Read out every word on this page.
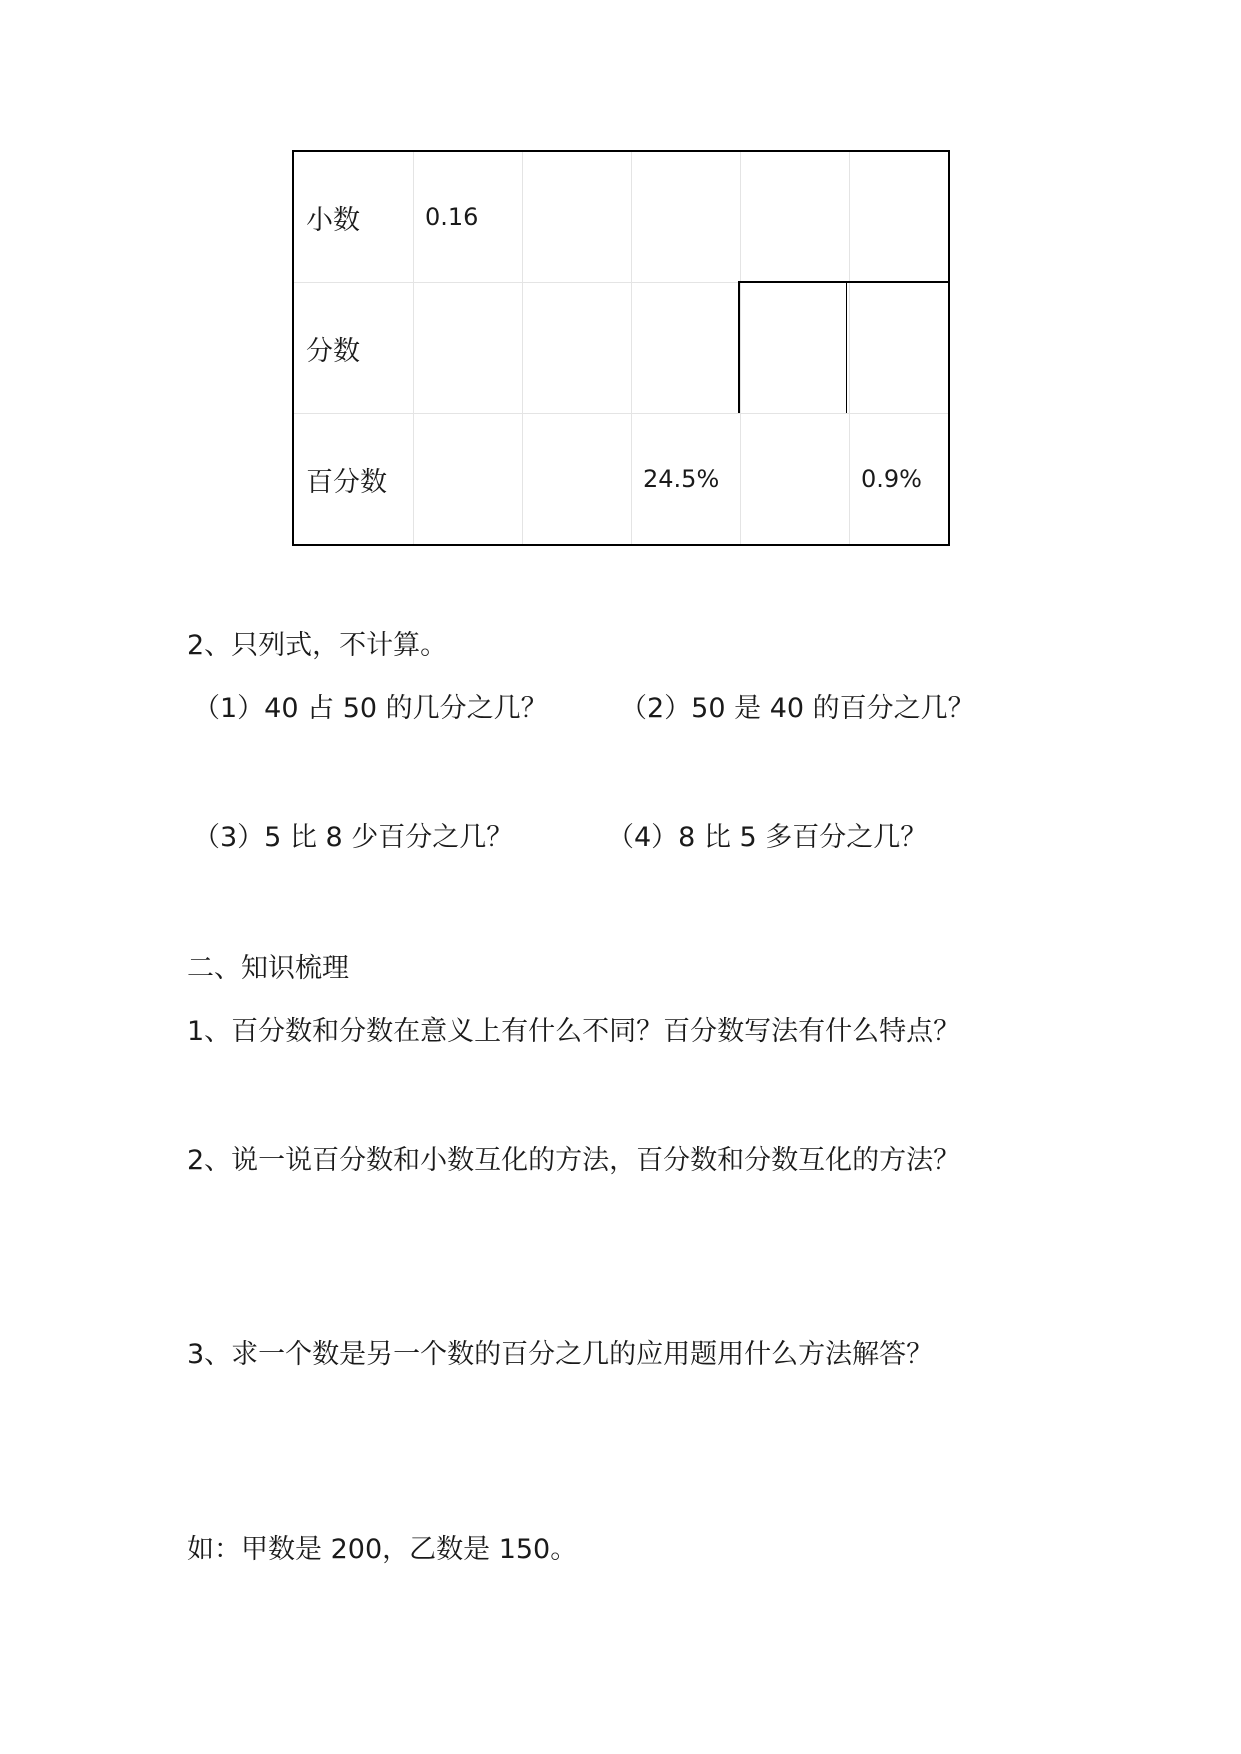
小数	0.16				
分数					
百分数			24.5%		0.9%
2、只列式，不计算。
（1）40 占 50 的几分之几？	（2）50 是 40 的百分之几？
（3）5 比 8 少百分之几？	（4）8 比 5 多百分之几？
二、知识梳理
1、百分数和分数在意义上有什么不同？百分数写法有什么特点？
2、说一说百分数和小数互化的方法，百分数和分数互化的方法？
3、求一个数是另一个数的百分之几的应用题用什么方法解答？
如：甲数是 200，乙数是 150。
